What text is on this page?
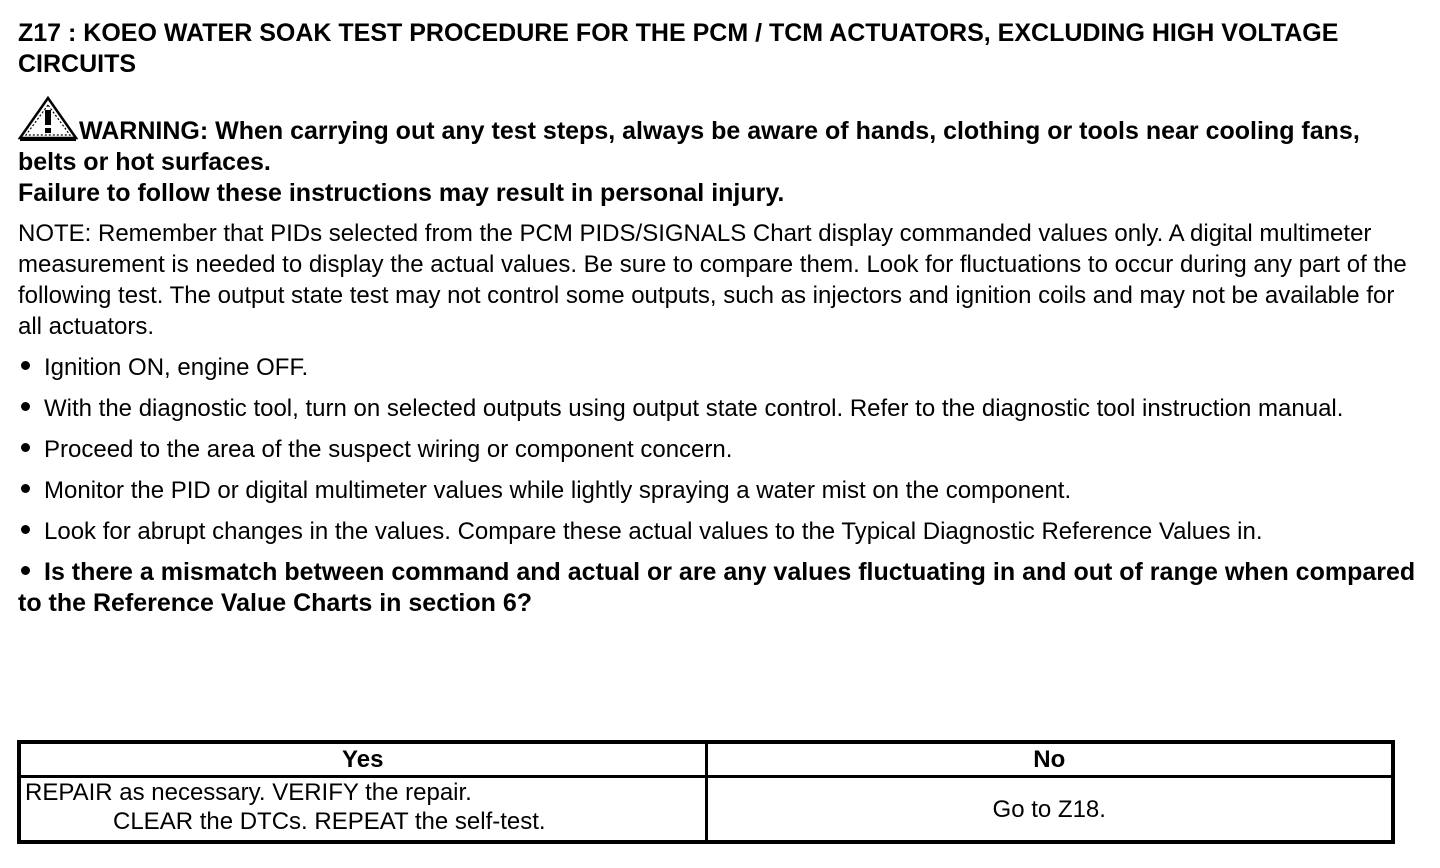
Z17 : KOEO WATER SOAK TEST PROCEDURE FOR THE PCM / TCM ACTUATORS, EXCLUDING HIGH VOLTAGE CIRCUITS
WARNING: When carrying out any test steps, always be aware of hands, clothing or tools near cooling fans, belts or hot surfaces.
Failure to follow these instructions may result in personal injury.
NOTE: Remember that PIDs selected from the PCM PIDS/SIGNALS Chart display commanded values only. A digital multimeter measurement is needed to display the actual values. Be sure to compare them. Look for fluctuations to occur during any part of the following test. The output state test may not control some outputs, such as injectors and ignition coils and may not be available for all actuators.
Ignition ON, engine OFF.
With the diagnostic tool, turn on selected outputs using output state control. Refer to the diagnostic tool instruction manual.
Proceed to the area of the suspect wiring or component concern.
Monitor the PID or digital multimeter values while lightly spraying a water mist on the component.
Look for abrupt changes in the values. Compare these actual values to the Typical Diagnostic Reference Values in.
Is there a mismatch between command and actual or are any values fluctuating in and out of range when compared to the Reference Value Charts in section 6?
Yes	No
REPAIR as necessary. VERIFY the repair.
CLEAR the DTCs. REPEAT the self-test.	Go to Z18.
